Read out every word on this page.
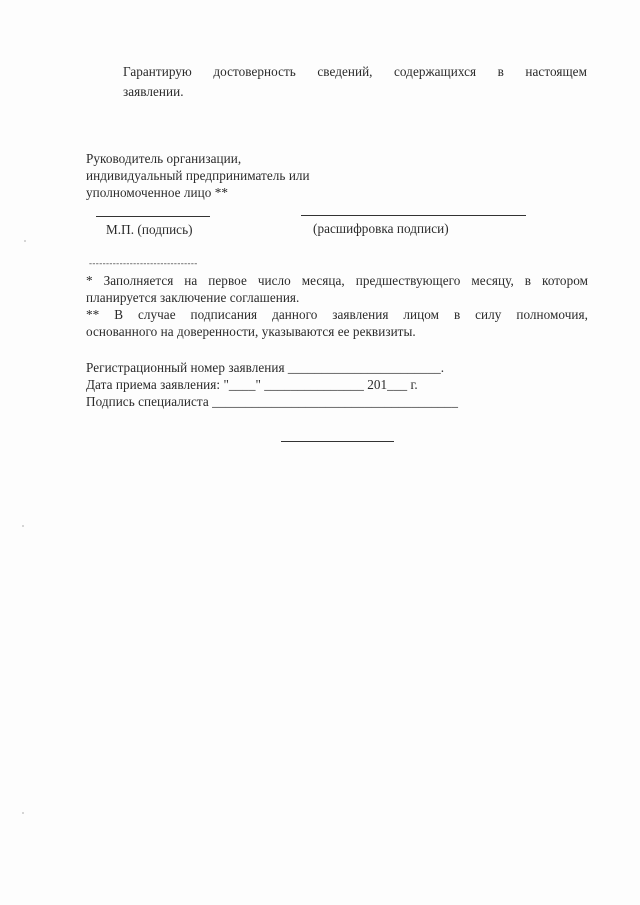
Гарантирую достоверность сведений, содержащихся в настоящем
заявлении.
Руководитель организации,
индивидуальный предприниматель или
уполномоченное лицо **
М.П. (подпись)	(расшифровка подписи)
--------------------------------
* Заполняется на первое число месяца, предшествующего месяцу, в котором
планируется заключение соглашения.
** В случае подписания данного заявления лицом в силу полномочия,
основанного на доверенности, указываются ее реквизиты.
Регистрационный номер заявления _______________________.
Дата приема заявления: "____" _______________ 201___ г.
Подпись специалиста _____________________________________
